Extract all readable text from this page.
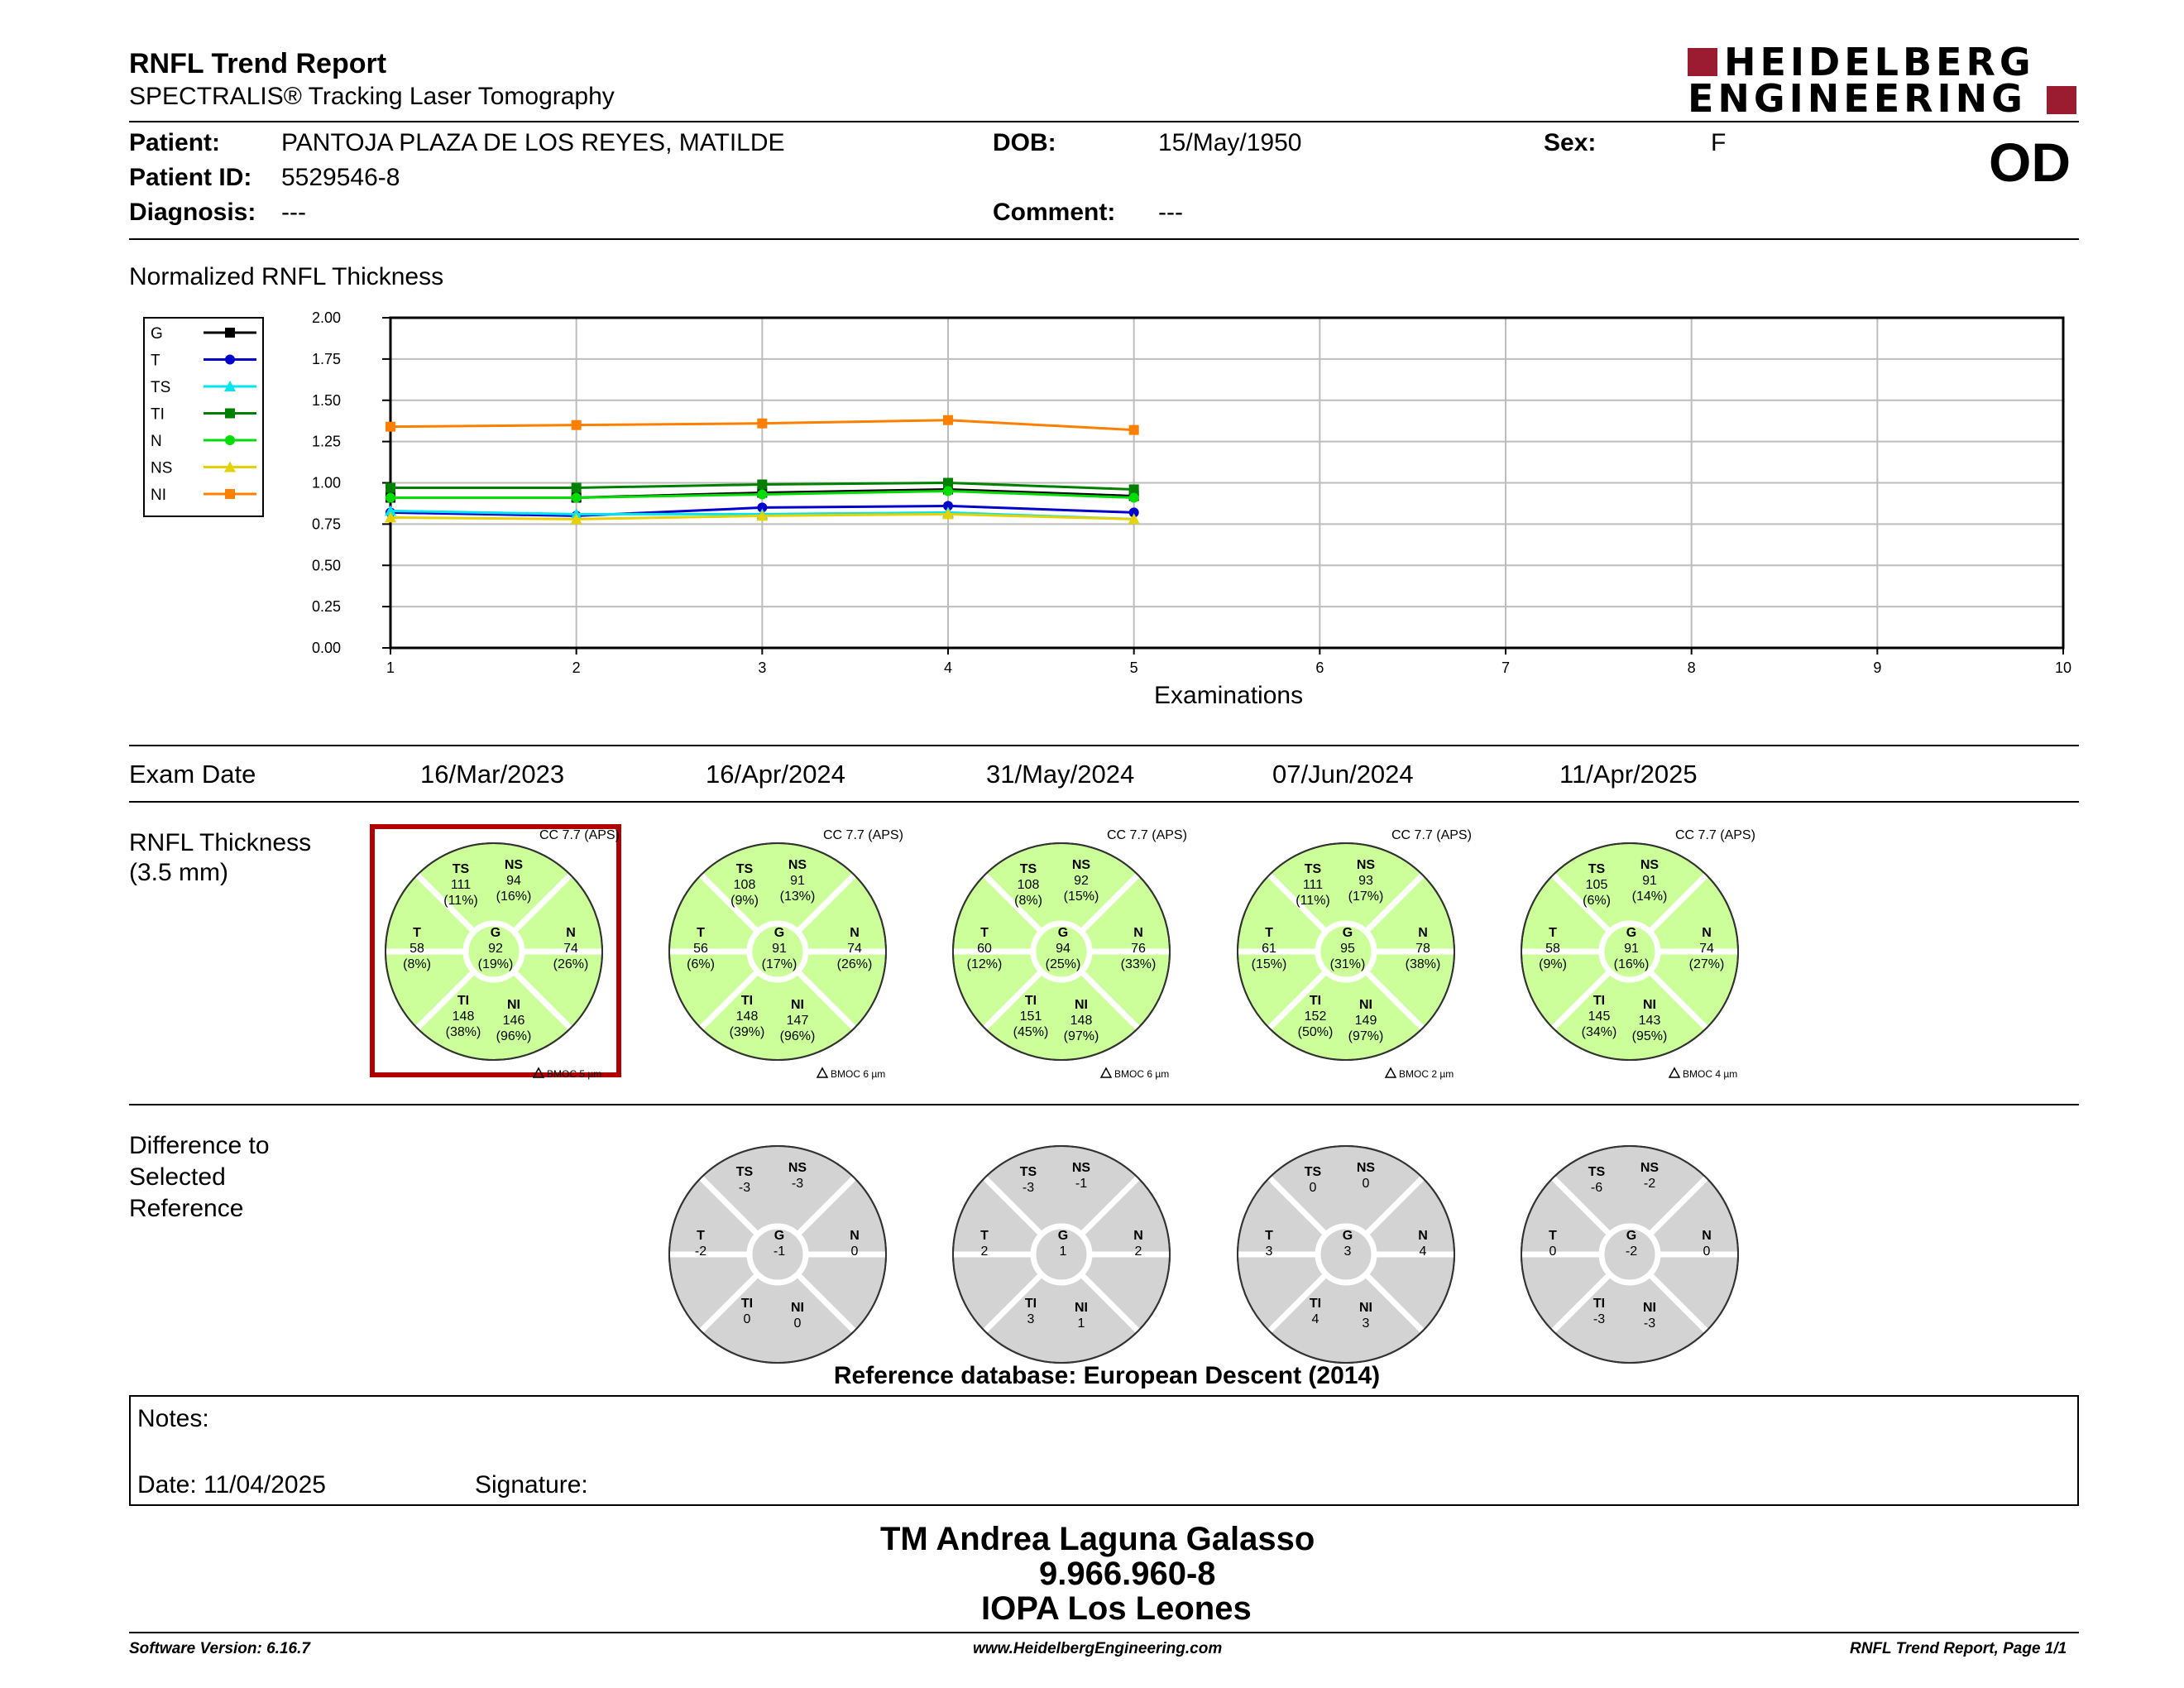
RNFL Trend Report
SPECTRALIS® Tracking Laser Tomography
HEIDELBERG
ENGINEERING
Patient: PANTOJA PLAZA DE LOS REYES, MATILDE
Patient ID: 5529546-8
Diagnosis: ---
DOB:	15/May/1950
Comment: ---
Sex:	F	OD
Normalized RNFL Thickness
0.00
0.25
0.50
0.75
1.00
1.25
1.50
1.75
2.00
1	2	3	4	5	6	7	8	9	10
G
T
TS
TI
N
NS
NI
Examinations
Exam Date	16/Mar/2023	16/Apr/2024	31/May/2024	07/Jun/2024	11/Apr/2025
RNFL Thickness
(3.5 mm)	TS
111
(11%)
NS
94
(16%)
T
58
(8%)
G
92
(19%)
N
74
(26%)
TI
148
(38%)
NI
146
(96%)
CC 7.7 (APS)
BMOC 5 µm
TS
108
(9%)
NS
91
(13%)
T
56
(6%)
G
91
(17%)
N
74
(26%)
TI
148
(39%)
NI
147
(96%)
CC 7.7 (APS)
BMOC 6 µm
TS
108
(8%)
NS
92
(15%)
T
60
(12%)
G
94
(25%)
N
76
(33%)
TI
151
(45%)
NI
148
(97%)
CC 7.7 (APS)
BMOC 6 µm
TS
111
(11%)
NS
93
(17%)
T
61
(15%)
G
95
(31%)
N
78
(38%)
TI
152
(50%)
NI
149
(97%)
CC 7.7 (APS)
BMOC 2 µm
TS
105
(6%)
NS
91
(14%)
T
58
(9%)
G
91
(16%)
N
74
(27%)
TI
145
(34%)
NI
143
(95%)
CC 7.7 (APS)
BMOC 4 µm
Difference to
Selected
Reference
TS
-3
NS
-3
T
-2
G
-1
N
0
TI
0
NI
0
TS
-3
NS
-1
T
2
G
1
N
2
TI
3
NI
1
TS
0
NS
0
T
3
G
3
N
4
TI
4
NI
3
TS
-6
NS
-2
T
0
G
-2
N
0
TI
-3
NI
-3
Reference database: European Descent (2014)
Notes:
Date: 11/04/2025	Signature:
TM Andrea Laguna Galasso
9.966.960-8
IOPA Los Leones
Software Version: 6.16.7	www.HeidelbergEngineering.com	RNFL Trend Report, Page 1/1
